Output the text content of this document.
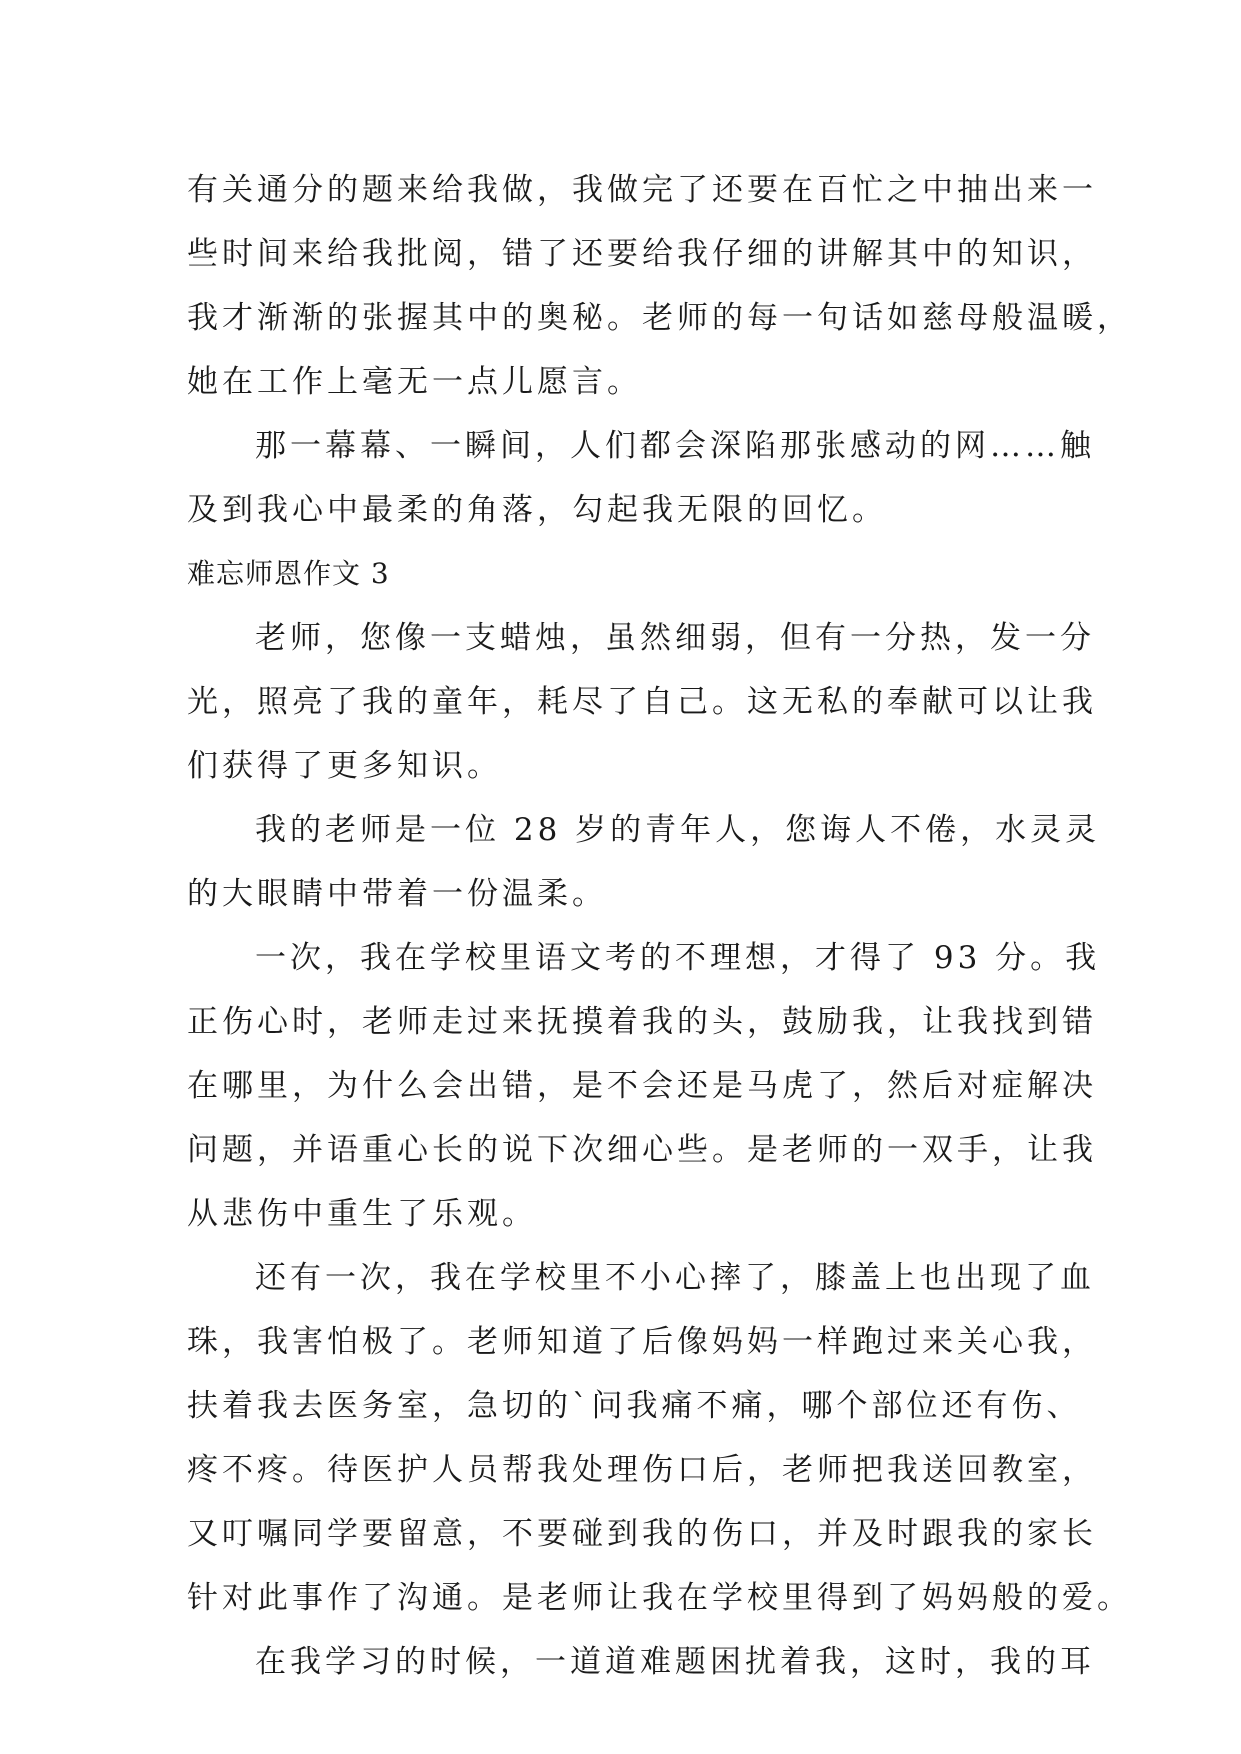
有关通分的题来给我做，我做完了还要在百忙之中抽出来一
些时间来给我批阅，错了还要给我仔细的讲解其中的知识，
我才渐渐的张握其中的奥秘。老师的每一句话如慈母般温暖，
她在工作上毫无一点儿愿言。
那一幕幕、一瞬间，人们都会深陷那张感动的网……触
及到我心中最柔的角落，勾起我无限的回忆。
难忘师恩作文 3
老师，您像一支蜡烛，虽然细弱，但有一分热，发一分
光，照亮了我的童年，耗尽了自己。这无私的奉献可以让我
们获得了更多知识。
我的老师是一位 28 岁的青年人，您诲人不倦，水灵灵
的大眼睛中带着一份温柔。
一次，我在学校里语文考的不理想，才得了 93 分。我
正伤心时，老师走过来抚摸着我的头，鼓励我，让我找到错
在哪里，为什么会出错，是不会还是马虎了，然后对症解决
问题，并语重心长的说下次细心些。是老师的一双手，让我
从悲伤中重生了乐观。
还有一次，我在学校里不小心摔了，膝盖上也出现了血
珠，我害怕极了。老师知道了后像妈妈一样跑过来关心我，
扶着我去医务室，急切的`问我痛不痛，哪个部位还有伤、
疼不疼。待医护人员帮我处理伤口后，老师把我送回教室，
又叮嘱同学要留意，不要碰到我的伤口，并及时跟我的家长
针对此事作了沟通。是老师让我在学校里得到了妈妈般的爱。
在我学习的时候，一道道难题困扰着我，这时，我的耳
